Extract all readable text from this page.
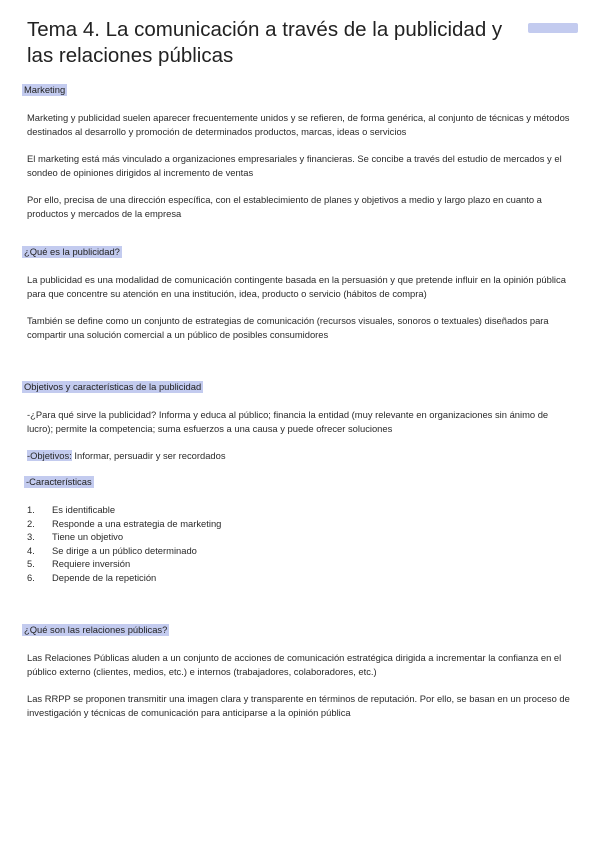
Tema 4. La comunicación a través de la publicidad y las relaciones públicas
Marketing

Marketing y publicidad suelen aparecer frecuentemente unidos y se refieren, de forma genérica, al conjunto de técnicas y métodos destinados al desarrollo y promoción de determinados productos, marcas, ideas o servicios

El marketing está más vinculado a organizaciones empresariales y financieras. Se concibe a través del estudio de mercados y el sondeo de opiniones dirigidos al incremento de ventas

Por ello, precisa de una dirección específica, con el establecimiento de planes y objetivos a medio y largo plazo en cuanto a productos y mercados de la empresa

¿Qué es la publicidad?

La publicidad es una modalidad de comunicación contingente basada en la persuasión y que pretende influir en la opinión pública para que concentre su atención en una institución, idea, producto o servicio (hábitos de compra)

También se define como un conjunto de estrategias de comunicación (recursos visuales, sonoros o textuales) diseñados para compartir una solución comercial a un público de posibles consumidores

Objetivos y características de la publicidad

-¿Para qué sirve la publicidad? Informa y educa al público; financia la entidad (muy relevante en organizaciones sin ánimo de lucro); permite la competencia; suma esfuerzos a una causa y puede ofrecer soluciones

-Objetivos: Informar, persuadir y ser recordados

-Características
1. Es identificable
2. Responde a una estrategia de marketing
3. Tiene un objetivo
4. Se dirige a un público determinado
5. Requiere inversión
6. Depende de la repetición
¿Qué son las relaciones públicas?

Las Relaciones Públicas aluden a un conjunto de acciones de comunicación estratégica dirigida a incrementar la confianza en el público externo (clientes, medios, etc.) e internos (trabajadores, colaboradores, etc.)

Las RRPP se proponen transmitir una imagen clara y transparente en términos de reputación. Por ello, se basan en un proceso de investigación y técnicas de comunicación para anticiparse a la opinión pública
